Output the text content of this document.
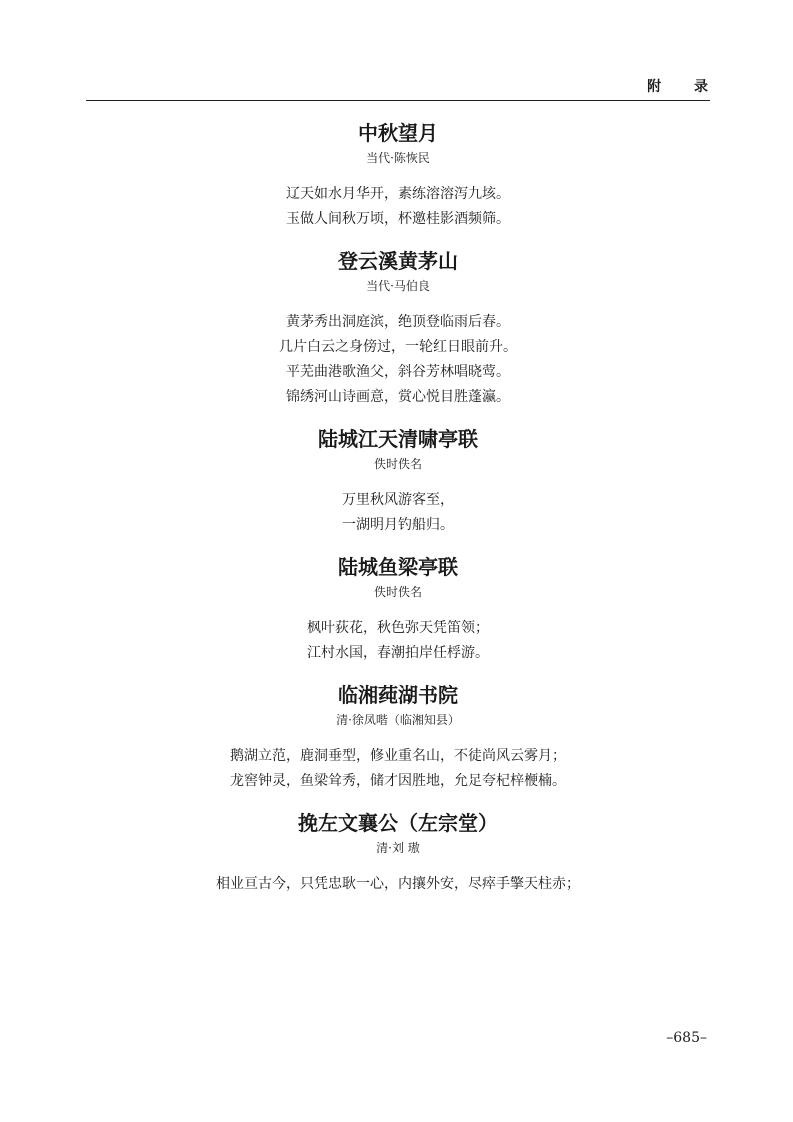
附 录
中秋望月

当代·陈恢民

辽天如水月华开，素练溶溶泻九垓。
玉做人间秋万顷，杯邀桂影酒频筛。
登云溪黄茅山

当代·马伯良

黄茅秀出洞庭滨，绝顶登临雨后春。
几片白云之身傍过，一轮红日眼前升。
平芜曲港歌渔父，斜谷芳林唱晓莺。
锦绣河山诗画意，赏心悦目胜蓬瀛。
陆城江天清啸亭联

佚时佚名

万里秋风游客至，
一湖明月钓船归。
陆城鱼梁亭联

佚时佚名

枫叶荻花，秋色弥天凭笛领；
江村水国，春潮拍岸任桴游。
临湘莼湖书院

清·徐凤喈（临湘知县）

鹅湖立范，鹿洞垂型，修业重名山，不徒尚风云雾月；
龙窖钟灵，鱼梁耸秀，储才因胜地，允足夸杞梓楩楠。
挽左文襄公（左宗堂）

清·刘 璈

相业亘古今，只凭忠耿一心，内攘外安，尽瘁手擎天柱赤；
–685–
